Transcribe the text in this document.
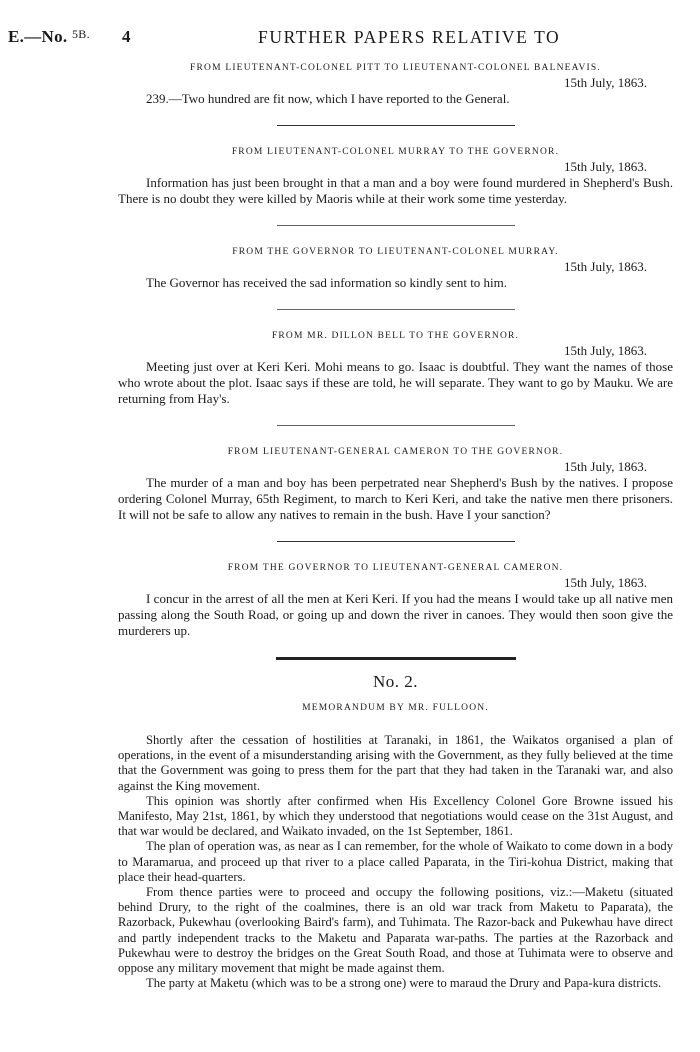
E.—No. $^{5B.}$ 4	FURTHER PAPERS RELATIVE TO

FROM LIEUTENANT-COLONEL PITT TO LIEUTENANT-COLONEL BALNEAVIS.

15th July, 1863.

239.—Two hundred are fit now, which I have reported to the General.

FROM LIEUTENANT-COLONEL MURRAY TO THE GOVERNOR.

15th July, 1863.

Information has just been brought in that a man and a boy were found murdered in Shepherd's Bush. There is no doubt they were killed by Maoris while at their work some time yesterday.

FROM THE GOVERNOR TO LIEUTENANT-COLONEL MURRAY.

15th July, 1863.

The Governor has received the sad information so kindly sent to him.

FROM MR. DILLON BELL TO THE GOVERNOR.

15th July, 1863.

Meeting just over at Keri Keri. Mohi means to go. Isaac is doubtful. They want the names of those who wrote about the plot. Isaac says if these are told, he will separate. They want to go by Mauku. We are returning from Hay's.

FROM LIEUTENANT-GENERAL CAMERON TO THE GOVERNOR.

15th July, 1863.

The murder of a man and boy has been perpetrated near Shepherd's Bush by the natives. I propose ordering Colonel Murray, 65th Regiment, to march to Keri Keri, and take the native men there prisoners. It will not be safe to allow any natives to remain in the bush. Have I your sanction?

FROM THE GOVERNOR TO LIEUTENANT-GENERAL CAMERON.

15th July, 1863.

I concur in the arrest of all the men at Keri Keri. If you had the means I would take up all native men passing along the South Road, or going up and down the river in canoes. They would then soon give the murderers up.

No. 2.

MEMORANDUM BY MR. FULLOON.

Shortly after the cessation of hostilities at Taranaki, in 1861, the Waikatos organised a plan of operations, in the event of a misunderstanding arising with the Government, as they fully believed at the time that the Government was going to press them for the part that they had taken in the Taranaki war, and also against the King movement.

This opinion was shortly after confirmed when His Excellency Colonel Gore Browne issued his Manifesto, May 21st, 1861, by which they understood that negotiations would cease on the 31st August, and that war would be declared, and Waikato invaded, on the 1st September, 1861.

The plan of operation was, as near as I can remember, for the whole of Waikato to come down in a body to Maramarua, and proceed up that river to a place called Paparata, in the Tiri-kohua District, making that place their head-quarters.

From thence parties were to proceed and occupy the following positions, viz.:—Maketu (situated behind Drury, to the right of the coalmines, there is an old war track from Maketu to Paparata), the Razorback, Pukewhau (overlooking Baird's farm), and Tuhimata. The Razor-back and Pukewhau have direct and partly independent tracks to the Maketu and Paparata war-paths. The parties at the Razorback and Pukewhau were to destroy the bridges on the Great South Road, and those at Tuhimata were to observe and oppose any military movement that might be made against them.

The party at Maketu (which was to be a strong one) were to maraud the Drury and Papa-kura districts.
